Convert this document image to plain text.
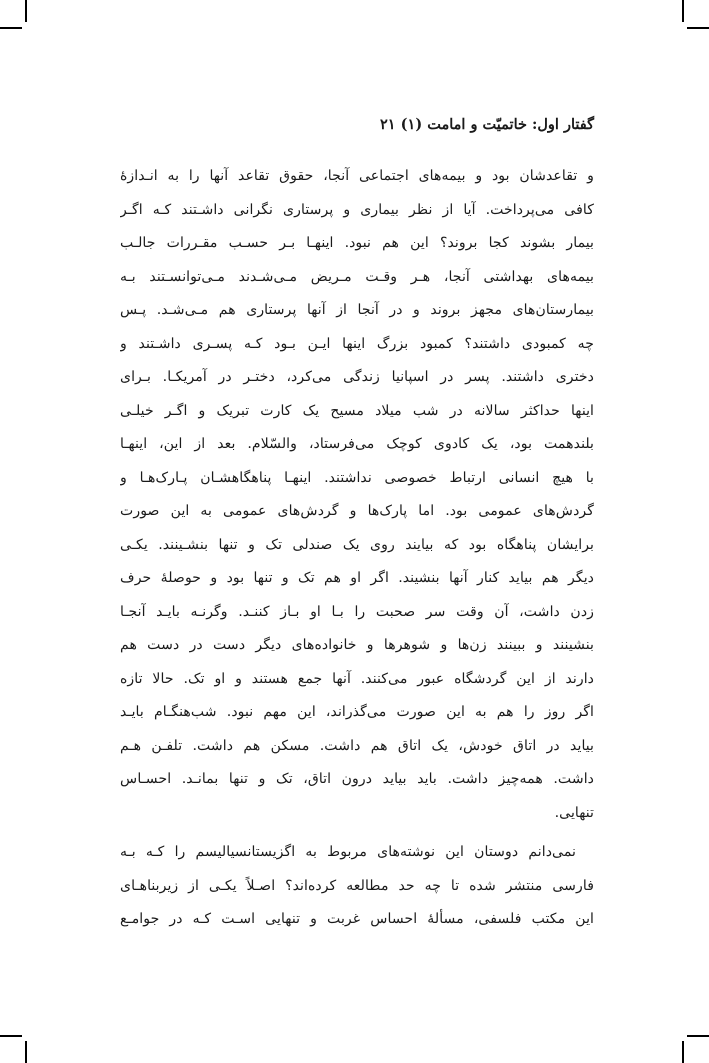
گفتار اول: خاتمیّت و امامت (۱) ۲۱
و تقاعدشان بود و بیمه‌های اجتماعی آنجا، حقوق تقاعد آنها را به انـدازهٔ
کافی می‌پرداخت. آیا از نظر بیماری و پرستاری نگرانی داشـتند کـه اگـر
بیمار بشوند کجا بروند؟ این هم نبود. اینهـا بـر حسـب مقـررات جالـب
بیمه‌های بهداشتی آنجا، هـر وقـت مـریض مـی‌شـدند مـی‌توانسـتند بـه
بیمارستان‌های مجهز بروند و در آنجا از آنها پرستاری هم مـی‌شـد. پـس
چه کمبودی داشتند؟ کمبود بزرگ اینها ایـن بـود کـه پسـری داشـتند و
دختری داشتند. پسر در اسپانیا زندگی می‌کرد، دختـر در آمریکـا. بـرای
اینها حداکثر سالانه در شب میلاد مسیح یک کارت تبریک و اگـر خیلـی
بلندهمت بود، یک کادوی کوچک می‌فرستاد، والسّلام. بعد از این، اینهـا
با هیچ انسانی ارتباط خصوصی نداشتند. اینهـا پناهگاهشـان پـارک‌هـا و
گردش‌های عمومی بود. اما پارک‌ها و گردش‌های عمومی به این صورت
برایشان پناهگاه بود که بیایند روی یک صندلی تک و تنها بنشـینند. یکـی
دیگر هم بیاید کنار آنها بنشیند. اگر او هم تک و تنها بود و حوصلهٔ حرف
زدن داشت، آن وقت سر صحبت را بـا او بـاز کننـد. وگرنـه بایـد آنجـا
بنشینند و ببینند زن‌ها و شوهرها و خانواده‌های دیگر دست در دست هم
دارند از این گردشگاه عبور می‌کنند. آنها جمع هستند و او تک. حالا تازه
اگر روز را هم به این صورت می‌گذراند، این مهم نبود. شب‌هنگـام بایـد
بیاید در اتاق خودش، یک اتاق هم داشت. مسکن هم داشت. تلفـن هـم
داشت. همه‌چیز داشت. باید بیاید درون اتاق، تک و تنها بمانـد. احسـاس
تنهایی.
نمی‌دانم دوستان این نوشته‌های مربوط به اگزیستانسیالیسم را کـه بـه
فارسی منتشر شده تا چه حد مطالعه کرده‌اند؟ اصـلاً یکـی از زیربناهـای
این مکتب فلسفی، مسألهٔ احساس غربت و تنهایی اسـت کـه در جوامـع
